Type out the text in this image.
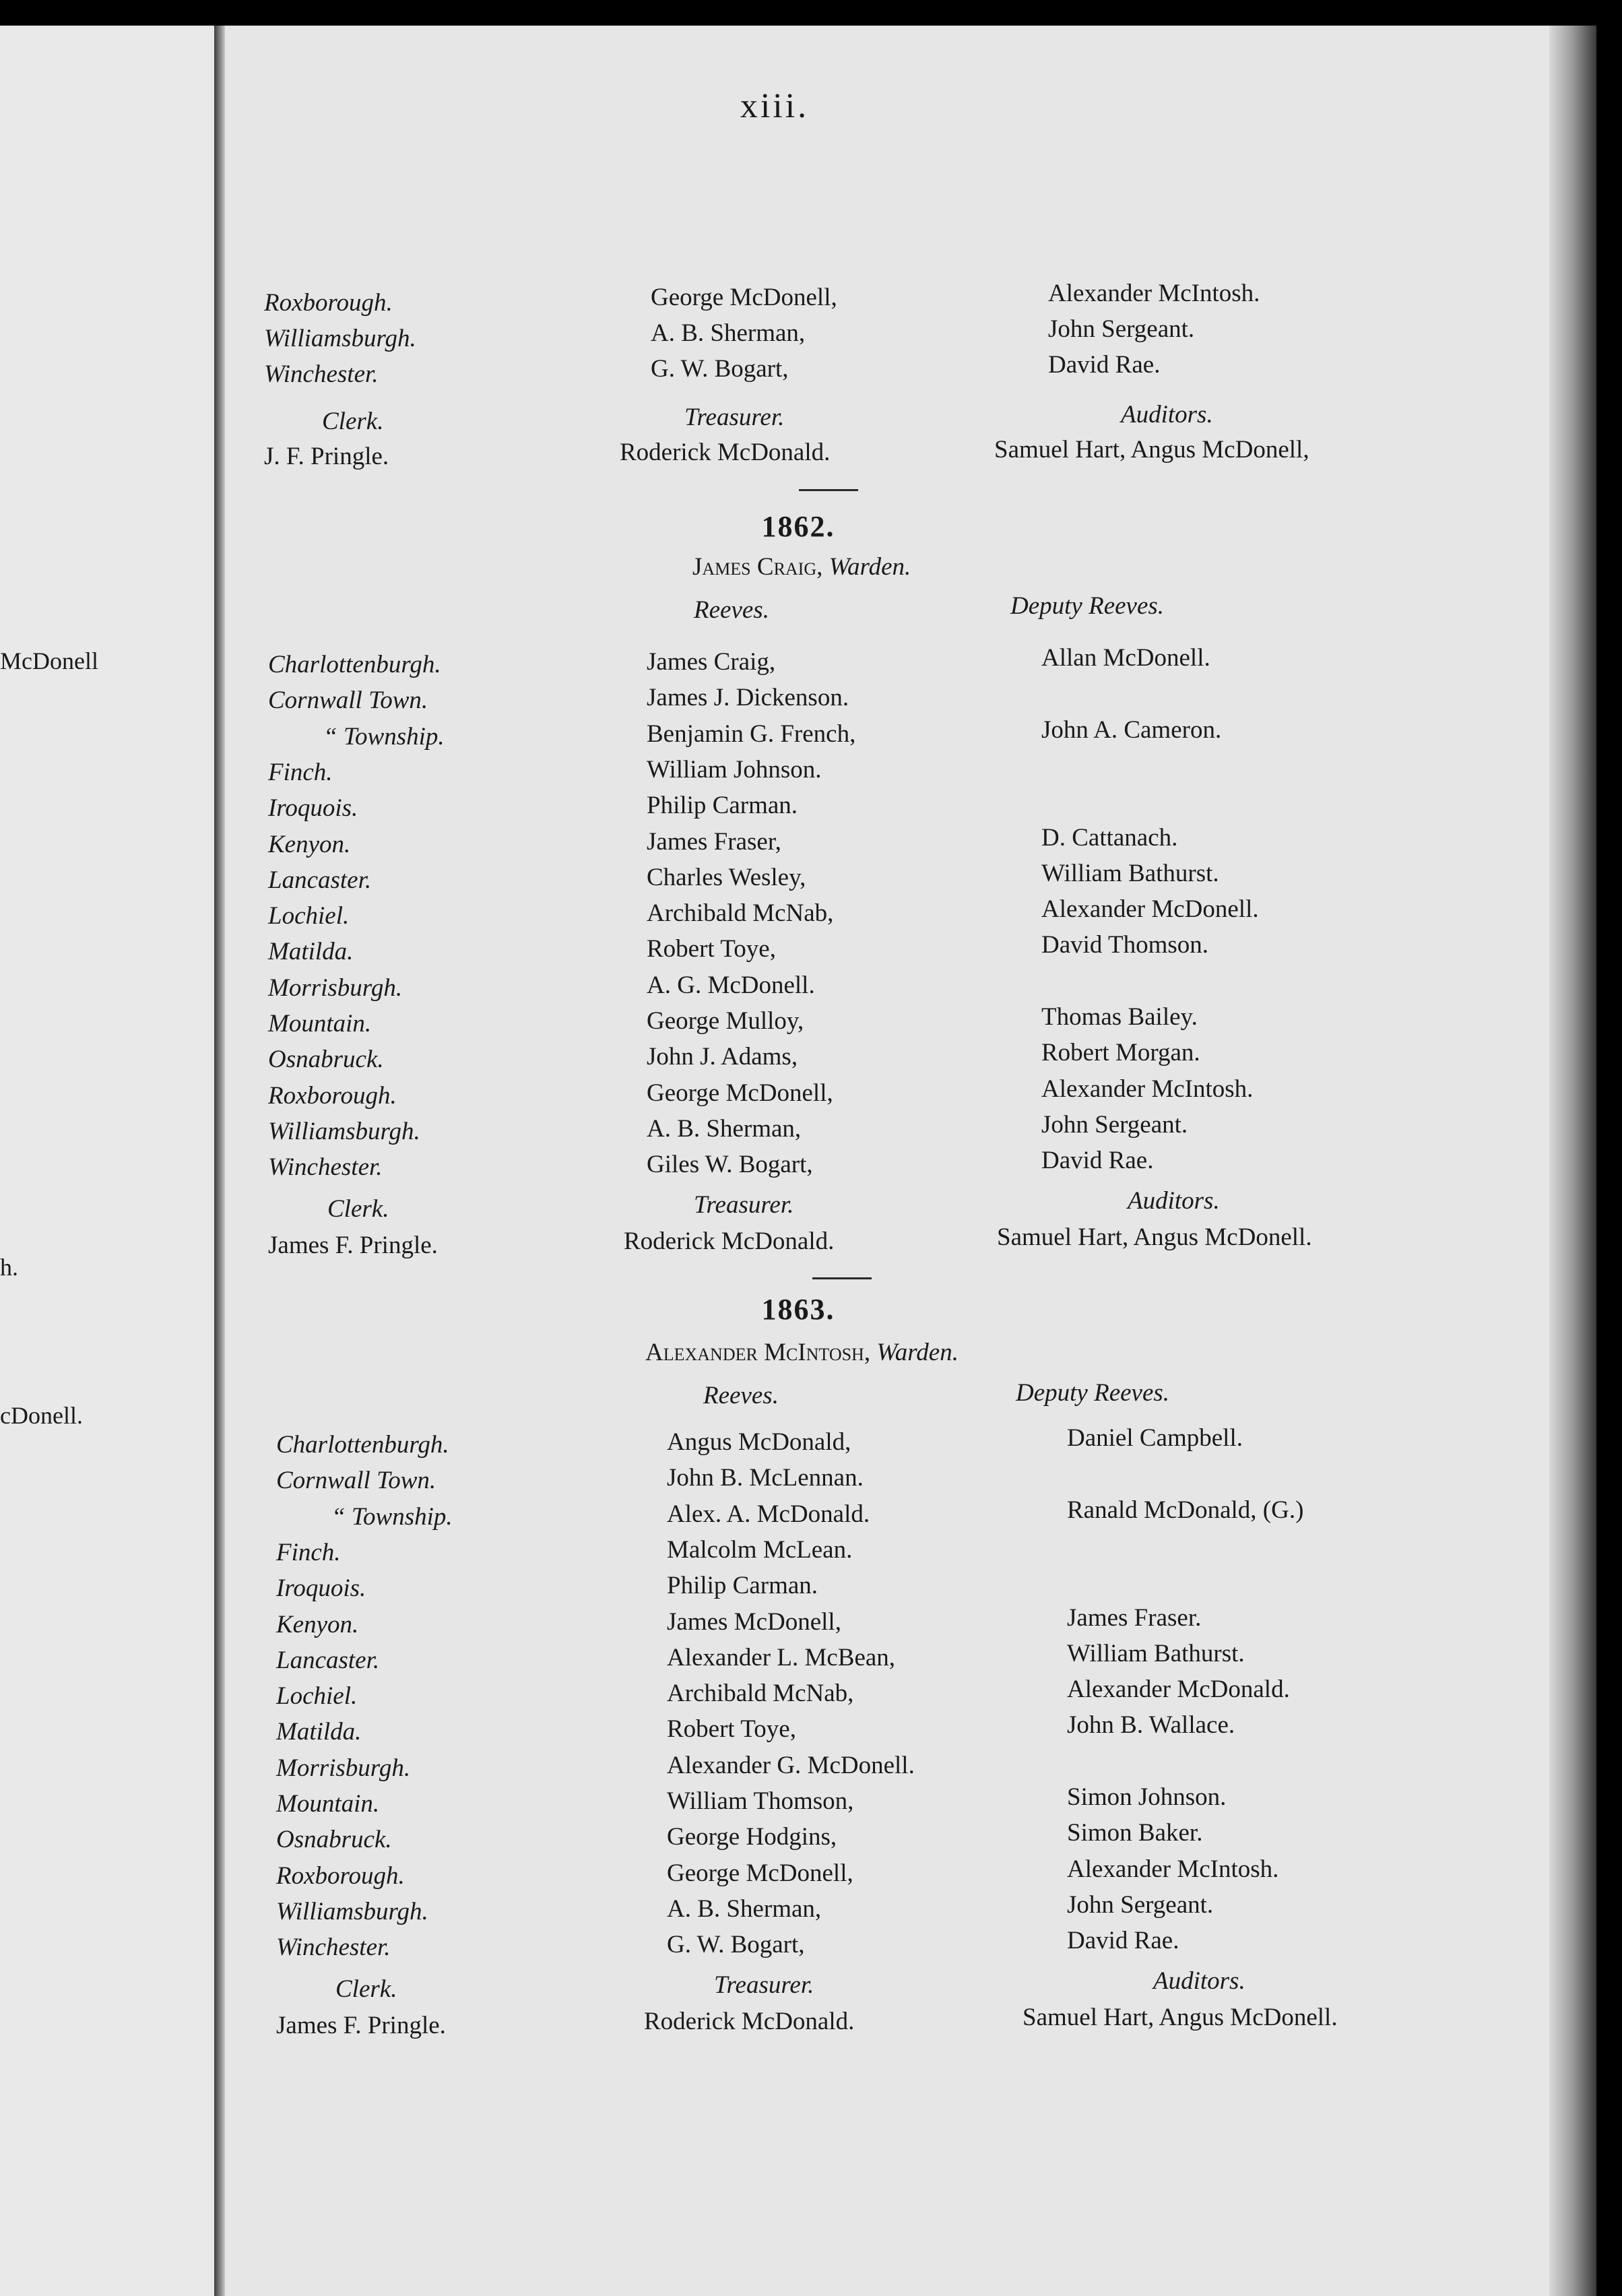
McDonell
h.
cDonell.
xiii.
Roxborough.
Williamsburgh.
Winchester.
George McDonell,
A. B. Sherman,
G. W. Bogart,
Alexander McIntosh.
John Sergeant.
David Rae.
Clerk.
J. F. Pringle.
Treasurer.
Roderick McDonald.
Auditors.
Samuel Hart, Angus McDonell,
1862.
James Craig, Warden.
Reeves.	Deputy Reeves.
Charlottenburgh.
Cornwall Town.
“ Township.
Finch.
Iroquois.
Kenyon.
Lancaster.
Lochiel.
Matilda.
Morrisburgh.
Mountain.
Osnabruck.
Roxborough.
Williamsburgh.
Winchester.
James Craig,
James J. Dickenson.
Benjamin G. French,
William Johnson.
Philip Carman.
James Fraser,
Charles Wesley,
Archibald McNab,
Robert Toye,
A. G. McDonell.
George Mulloy,
John J. Adams,
George McDonell,
A. B. Sherman,
Giles W. Bogart,
Allan McDonell.
John A. Cameron.
D. Cattanach.
William Bathurst.
Alexander McDonell.
David Thomson.
Thomas Bailey.
Robert Morgan.
Alexander McIntosh.
John Sergeant.
David Rae.
Clerk.
James F. Pringle.
Treasurer.
Roderick McDonald.
Auditors.
Samuel Hart, Angus McDonell.
1863.
Alexander McIntosh, Warden.
Reeves.	Deputy Reeves.
Charlottenburgh.
Cornwall Town.
“ Township.
Finch.
Iroquois.
Kenyon.
Lancaster.
Lochiel.
Matilda.
Morrisburgh.
Mountain.
Osnabruck.
Roxborough.
Williamsburgh.
Winchester.
Angus McDonald,
John B. McLennan.
Alex. A. McDonald.
Malcolm McLean.
Philip Carman.
James McDonell,
Alexander L. McBean,
Archibald McNab,
Robert Toye,
Alexander G. McDonell.
William Thomson,
George Hodgins,
George McDonell,
A. B. Sherman,
G. W. Bogart,
Daniel Campbell.
Ranald McDonald, (G.)
James Fraser.
William Bathurst.
Alexander McDonald.
John B. Wallace.
Simon Johnson.
Simon Baker.
Alexander McIntosh.
John Sergeant.
David Rae.
Clerk.
James F. Pringle.
Treasurer.
Roderick McDonald.
Auditors.
Samuel Hart, Angus McDonell.
